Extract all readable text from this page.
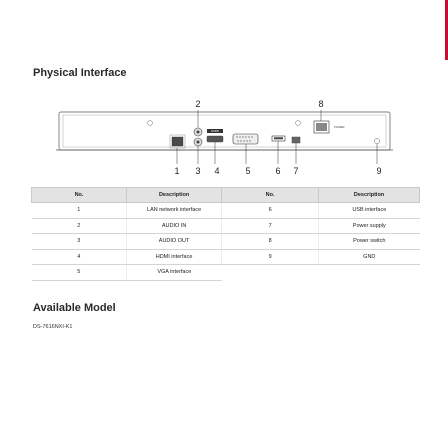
Physical Interface
HDMI
POWER
1
2
3 4	5	6 7
8
9
No.	Description	No.	Description
1	LAN network interface	6	USB interface
2	AUDIO IN	7	Power supply
3	AUDIO OUT	8	Power switch
4	HDMI interface	9	GND
5	VGA interface		
Available Model
DS-7616NXI-K1
